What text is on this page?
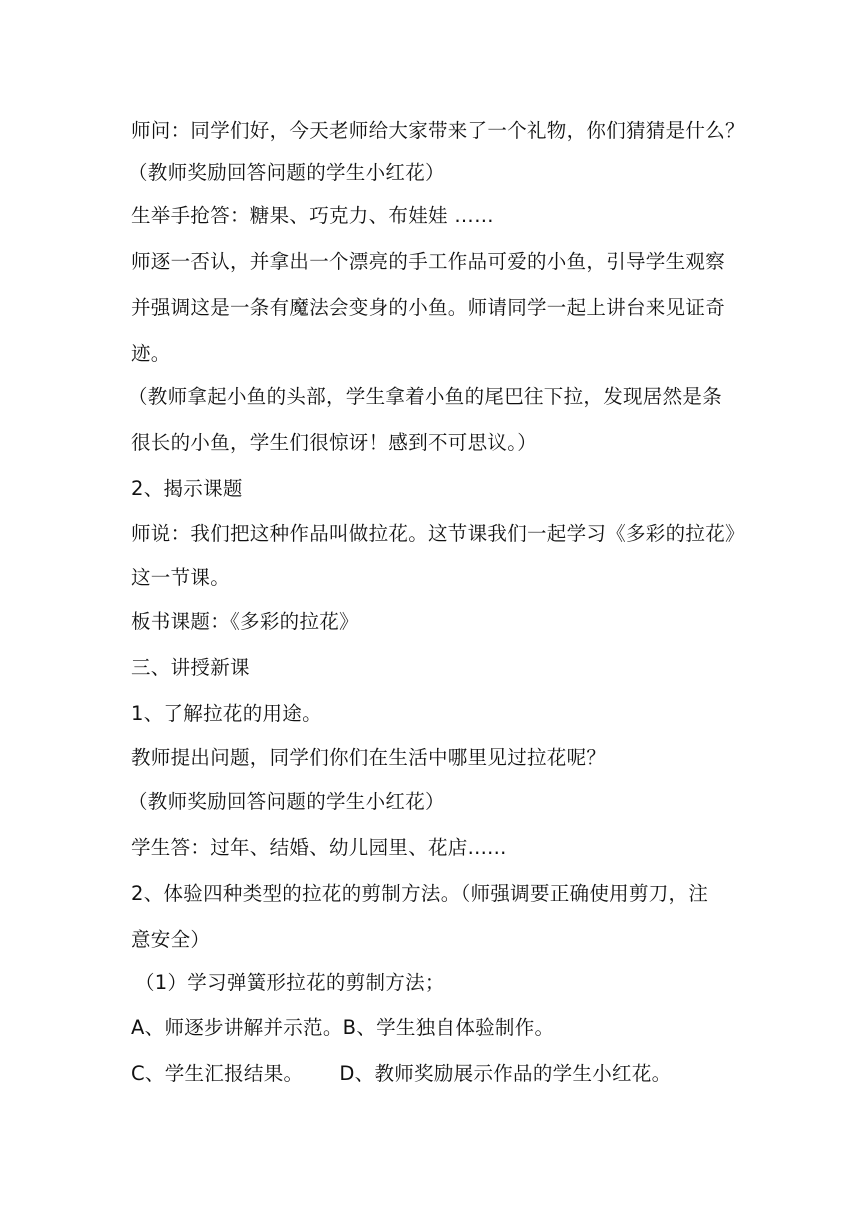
师问：同学们好，今天老师给大家带来了一个礼物，你们猜猜是什么？
（教师奖励回答问题的学生小红花）
生举手抢答：糖果、巧克力、布娃娃 ……
师逐一否认，并拿出一个漂亮的手工作品可爱的小鱼，引导学生观察
并强调这是一条有魔法会变身的小鱼。师请同学一起上讲台来见证奇
迹。
（教师拿起小鱼的头部，学生拿着小鱼的尾巴往下拉，发现居然是条
很长的小鱼，学生们很惊讶！感到不可思议。）
2、揭示课题
师说：我们把这种作品叫做拉花。这节课我们一起学习《多彩的拉花》
这一节课。
板书课题：《多彩的拉花》
三、讲授新课
1、了解拉花的用途。
教师提出问题，同学们你们在生活中哪里见过拉花呢？
（教师奖励回答问题的学生小红花）
学生答：过年、结婚、幼儿园里、花店......
2、体验四种类型的拉花的剪制方法。（师强调要正确使用剪刀，注
意安全）
（1）学习弹簧形拉花的剪制方法；
A、师逐步讲解并示范。B、学生独自体验制作。
C、学生汇报结果。 D、教师奖励展示作品的学生小红花。
